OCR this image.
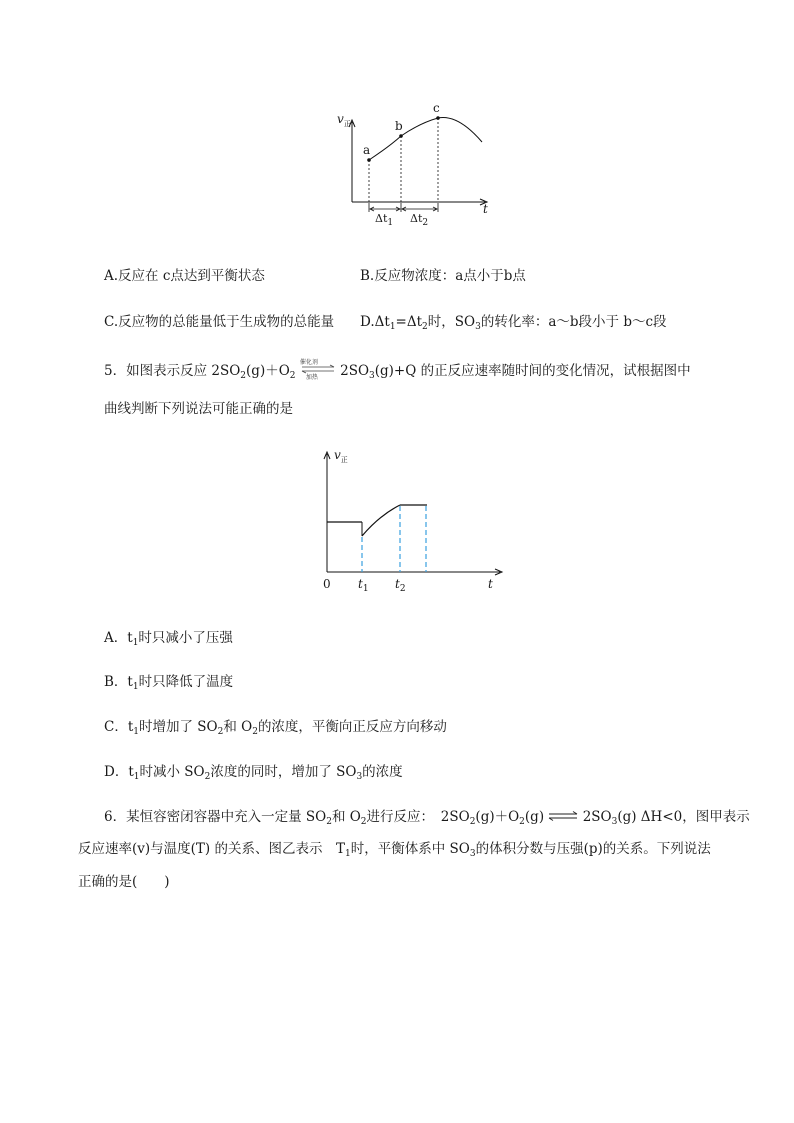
$v_正$
t
a
b
c
$\Delta t_1$ $\Delta t_2$
A.反应在 c点达到平衡状态	B.反应物浓度：a点小于b点
C.反应物的总能量低于生成物的总能量 $D.\Delta t_1=\Delta t_2$时，$SO_3$的转化率：a～b段小于 b～c段
5．如图表示反应 $2SO_2(g)+O_2$
催化剂
加热 $2SO_3(g)+Q$ 的正反应速率随时间的变化情况，试根据图中
曲线判断下列说法可能正确的是
$v_正$
0 $t_1$ $t_2$	t
A．$t_1$时只减小了压强
B．$t_1$时只降低了温度
C．$t_1$时增加了 $SO_2$和 $O_2$的浓度，平衡向正反应方向移动
D．$t_1$时减小 $SO_2$浓度的同时，增加了 $SO_3$的浓度
6．某恒容密闭容器中充入一定量 $SO_2$和 $O_2$进行反应：　$2SO_2(g)+O_2(g)$ ⇌ $2SO_3(g)$ ΔH<0，图甲表示
反应速率(v)与温度(T) 的关系、图乙表示　$T_1$时，平衡体系中 $SO_3$的体积分数与压强(p)的关系。下列说法
正确的是(　　)
